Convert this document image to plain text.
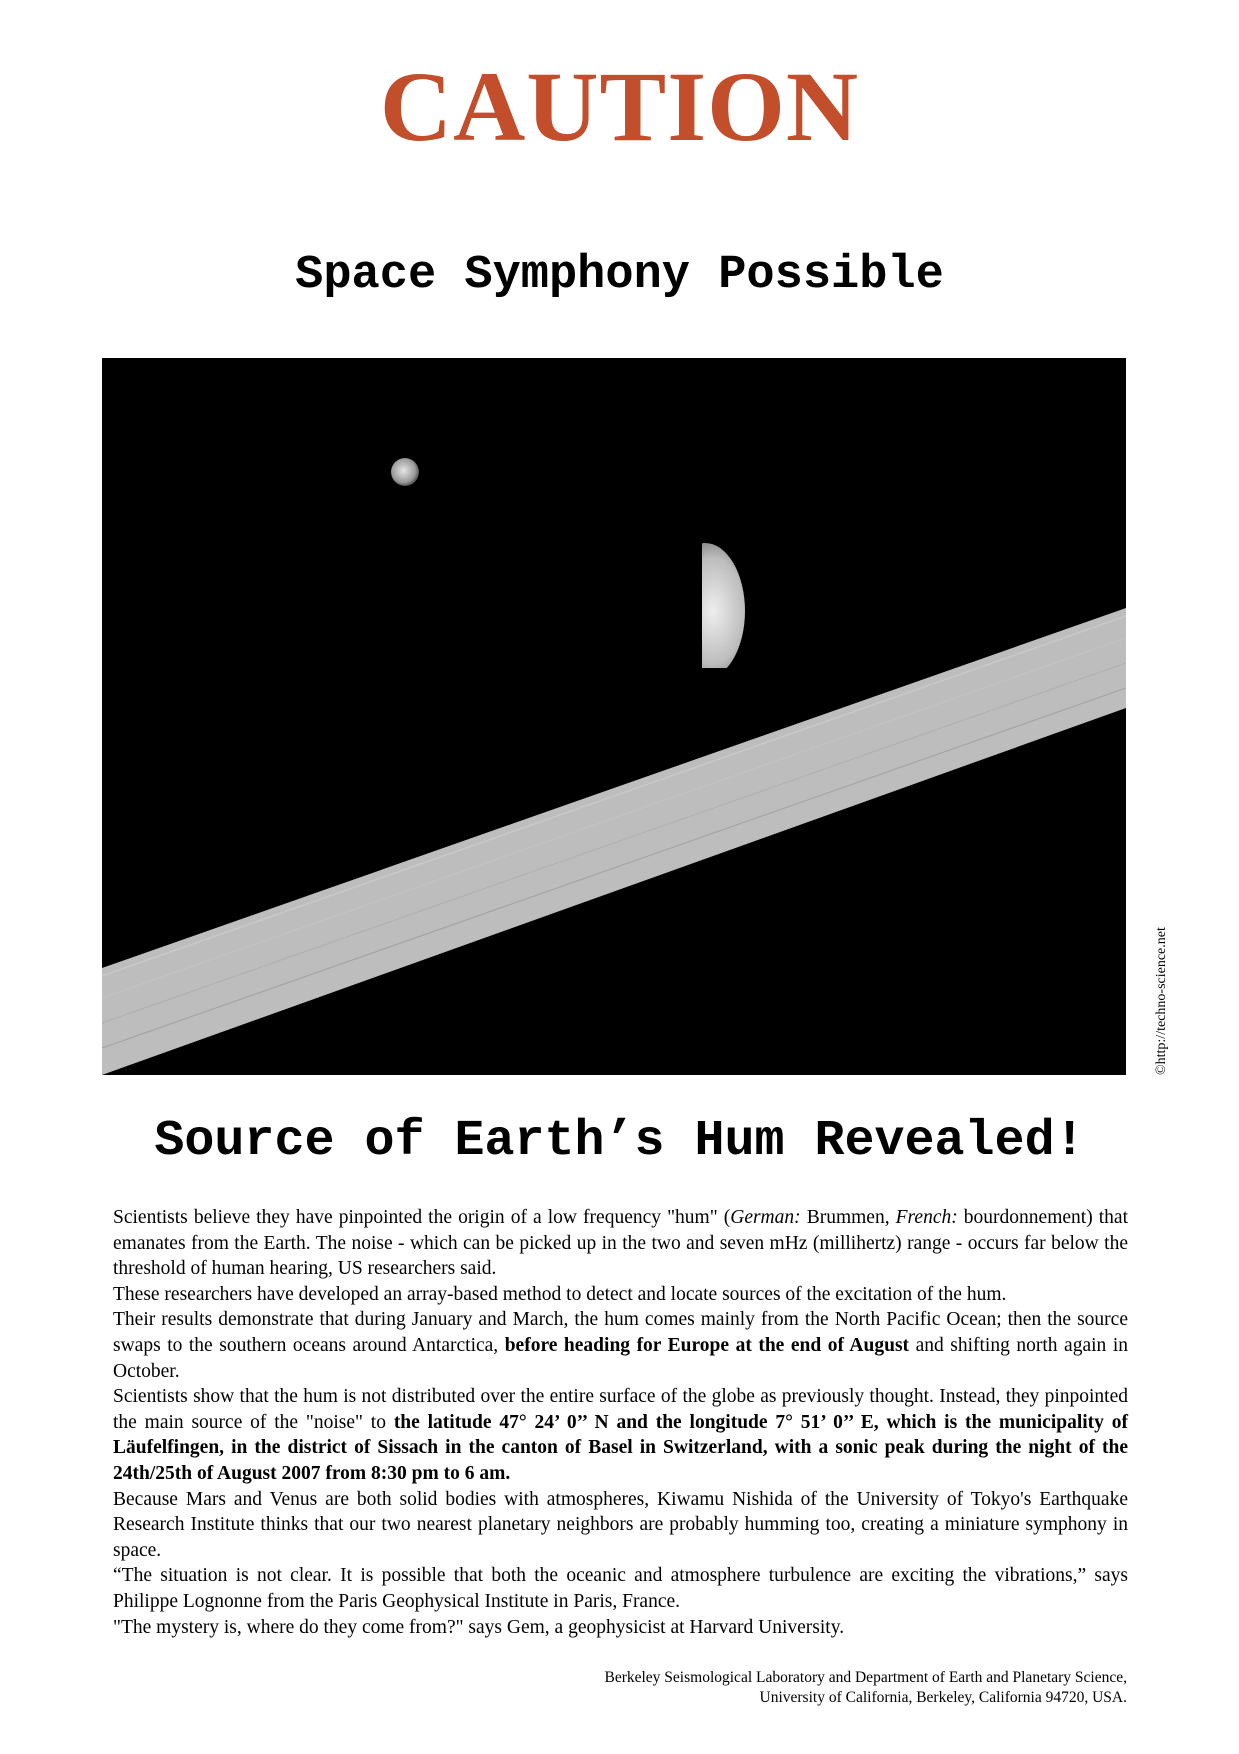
CAUTION
Space Symphony Possible
©http://techno-science.net
Source of Earth’s Hum Revealed!

Scientists believe they have pinpointed the origin of a low frequency "hum" (German: Brummen, French: bourdonnement) that emanates from the Earth. The noise - which can be picked up in the two and seven mHz (millihertz) range - occurs far below the threshold of human hearing, US researchers said.

These researchers have developed an array-based method to detect and locate sources of the excitation of the hum.

Their results demonstrate that during January and March, the hum comes mainly from the North Pacific Ocean; then the source swaps to the southern oceans around Antarctica, before heading for Europe at the end of August and shifting north again in October.

Scientists show that the hum is not distributed over the entire surface of the globe as previously thought. Instead, they pinpointed the main source of the "noise" to the latitude 47° 24’ 0’’ N and the longitude 7° 51’ 0’’ E, which is the municipality of Läufelfingen, in the district of Sissach in the canton of Basel in Switzerland, with a sonic peak during the night of the 24th/25th of August 2007 from 8:30 pm to 6 am.

Because Mars and Venus are both solid bodies with atmospheres, Kiwamu Nishida of the University of Tokyo's Earthquake Research Institute thinks that our two nearest planetary neighbors are probably humming too, creating a miniature symphony in space.

“The situation is not clear. It is possible that both the oceanic and atmosphere turbulence are exciting the vibrations,” says Philippe Lognonne from the Paris Geophysical Institute in Paris, France.

"The mystery is, where do they come from?" says Gem, a geophysicist at Harvard University.

Berkeley Seismological Laboratory and Department of Earth and Planetary Science,
University of California, Berkeley, California 94720, USA.
